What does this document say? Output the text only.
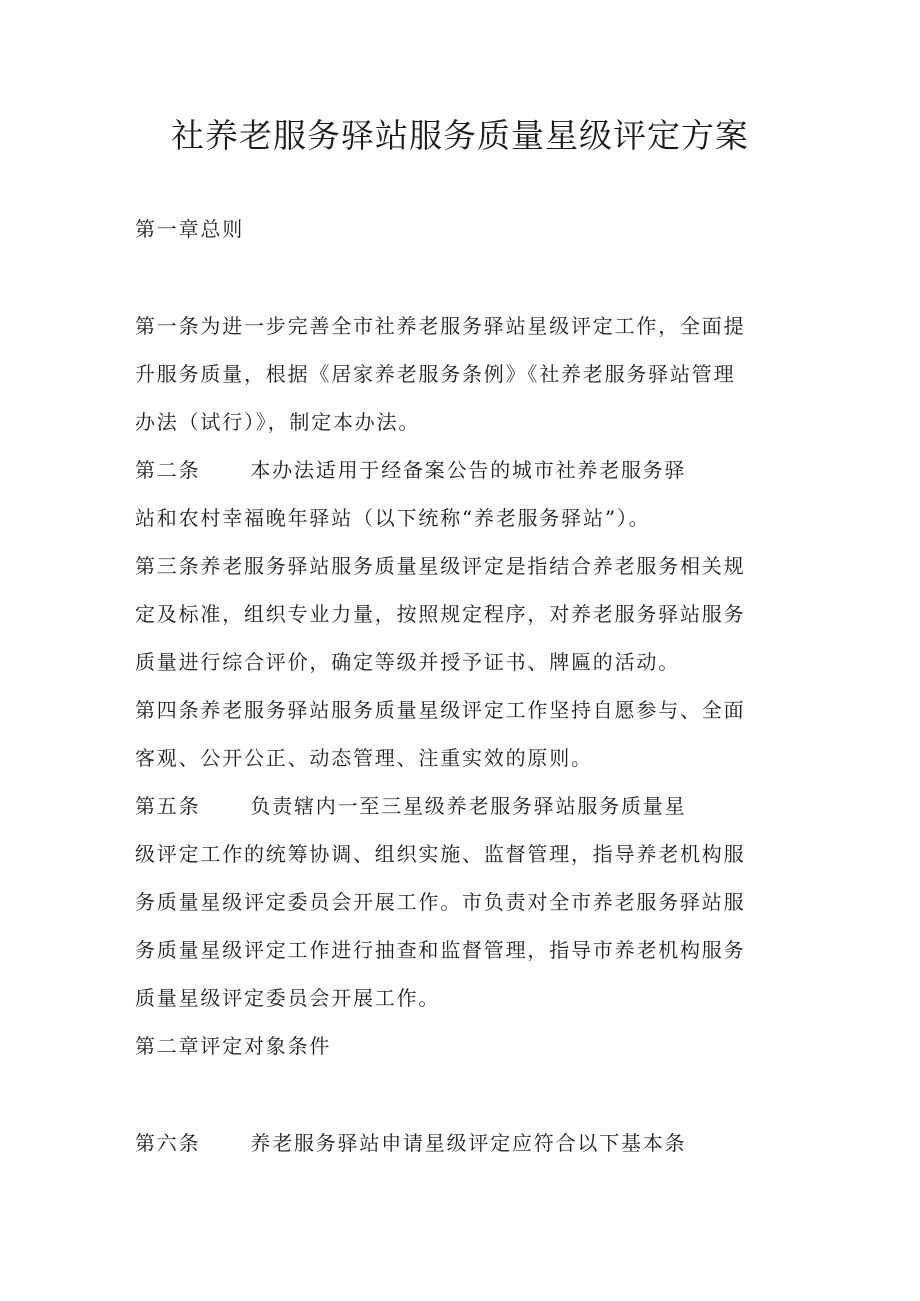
社养老服务驿站服务质量星级评定方案
第一章总则
第一条为进一步完善全市社养老服务驿站星级评定工作，全面提
升服务质量，根据《居家养老服务条例》《社养老服务驿站管理
办法（试行）》，制定本办法。
第二条	本办法适用于经备案公告的城市社养老服务驿
站和农村幸福晚年驿站（以下统称“养老服务驿站”）。
第三条养老服务驿站服务质量星级评定是指结合养老服务相关规
定及标准，组织专业力量，按照规定程序，对养老服务驿站服务
质量进行综合评价，确定等级并授予证书、牌匾的活动。
第四条养老服务驿站服务质量星级评定工作坚持自愿参与、全面
客观、公开公正、动态管理、注重实效的原则。
第五条	负责辖内一至三星级养老服务驿站服务质量星
级评定工作的统筹协调、组织实施、监督管理，指导养老机构服
务质量星级评定委员会开展工作。市负责对全市养老服务驿站服
务质量星级评定工作进行抽查和监督管理，指导市养老机构服务
质量星级评定委员会开展工作。
第二章评定对象条件
第六条	养老服务驿站申请星级评定应符合以下基本条
